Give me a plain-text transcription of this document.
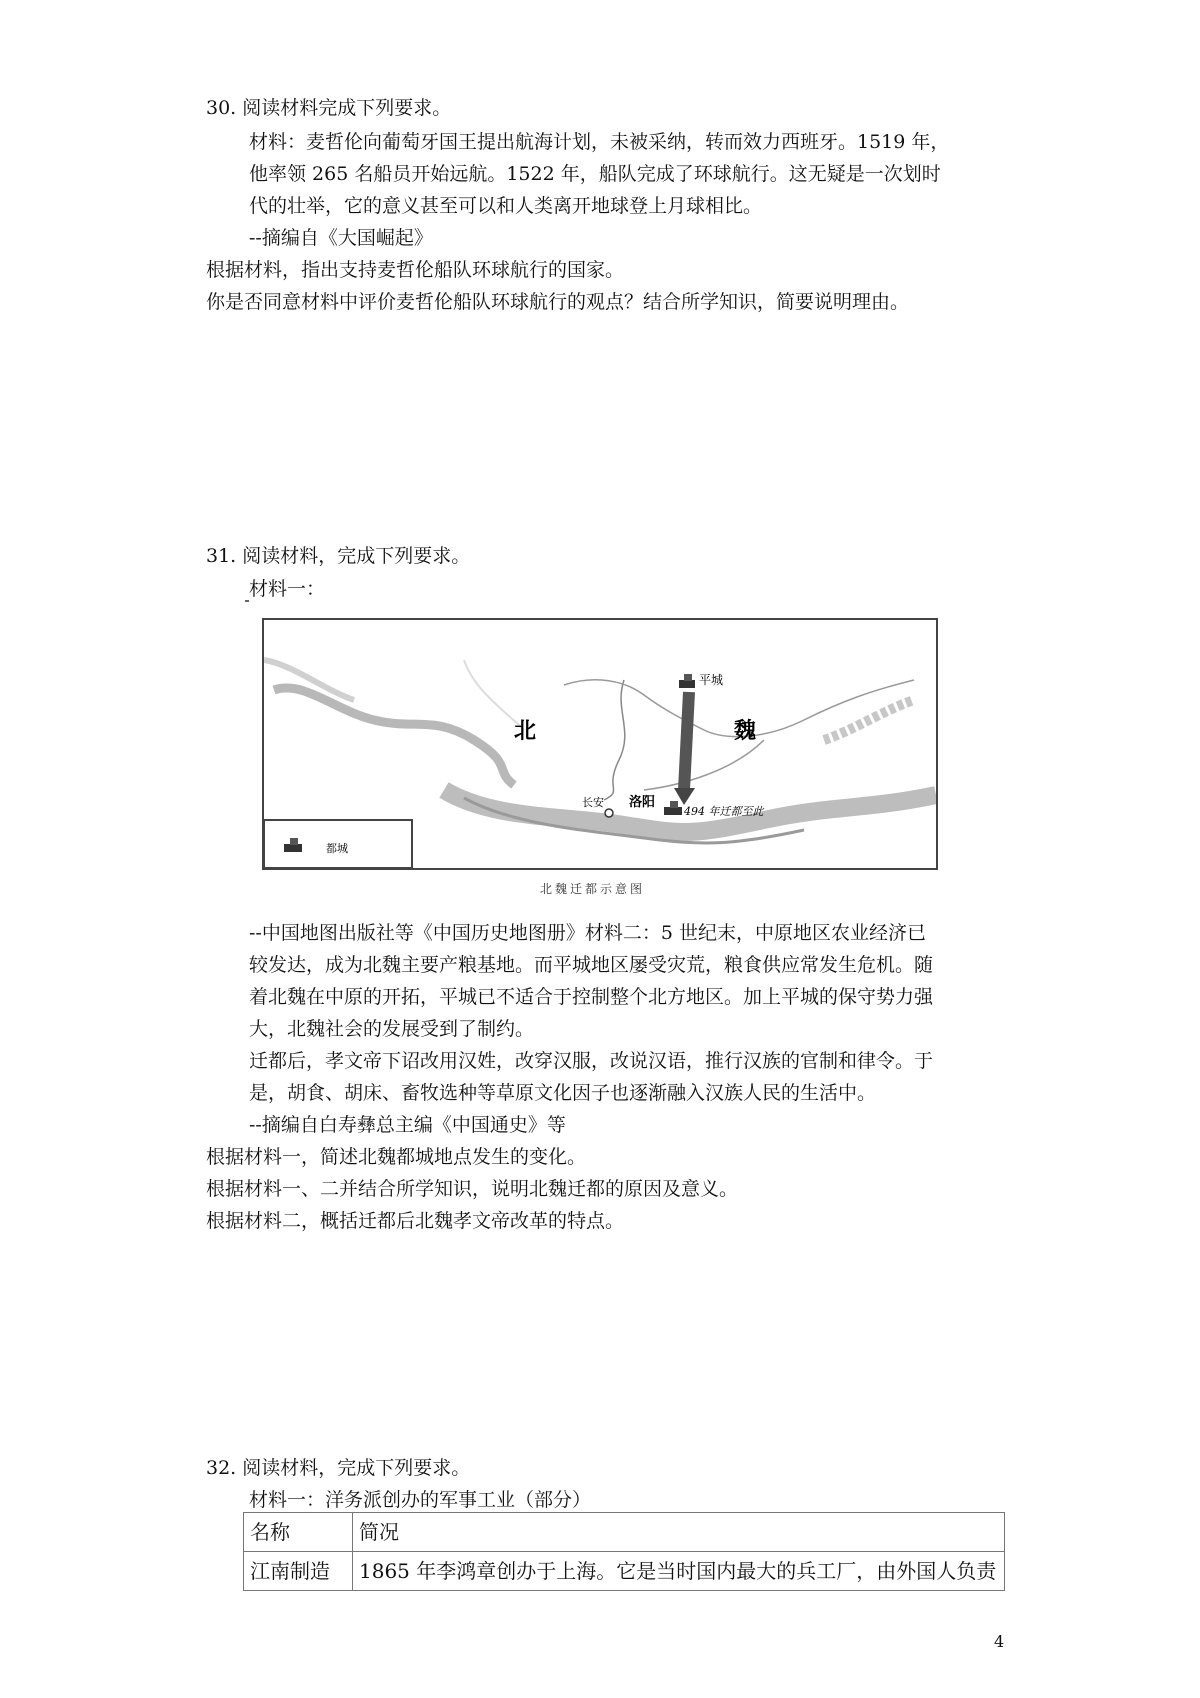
30. 阅读材料完成下列要求。
材料：麦哲伦向葡萄牙国王提出航海计划，未被采纳，转而效力西班牙。1519 年，
他率领 265 名船员开始远航。1522 年，船队完成了环球航行。这无疑是一次划时
代的壮举，它的意义甚至可以和人类离开地球登上月球相比。
--摘编自《大国崛起》
根据材料，指出支持麦哲伦船队环球航行的国家。
你是否同意材料中评价麦哲伦船队环球航行的观点？结合所学知识，简要说明理由。
31. 阅读材料，完成下列要求。
材料一：
北	魏
平城
长安 洛阳
494 年迁都至此
都城
北魏迁都示意图
--中国地图出版社等《中国历史地图册》材料二：5 世纪末，中原地区农业经济已
较发达，成为北魏主要产粮基地。而平城地区屡受灾荒，粮食供应常发生危机。随
着北魏在中原的开拓，平城已不适合于控制整个北方地区。加上平城的保守势力强
大，北魏社会的发展受到了制约。
迁都后，孝文帝下诏改用汉姓，改穿汉服，改说汉语，推行汉族的官制和律令。于
是，胡食、胡床、畜牧选种等草原文化因子也逐渐融入汉族人民的生活中。
--摘编自白寿彝总主编《中国通史》等
根据材料一，简述北魏都城地点发生的变化。
根据材料一、二并结合所学知识，说明北魏迁都的原因及意义。
根据材料二，概括迁都后北魏孝文帝改革的特点。
32. 阅读材料，完成下列要求。
材料一：洋务派创办的军事工业（部分）
名称	简况
江南制造	1865 年李鸿章创办于上海。它是当时国内最大的兵工厂，由外国人负责
4
